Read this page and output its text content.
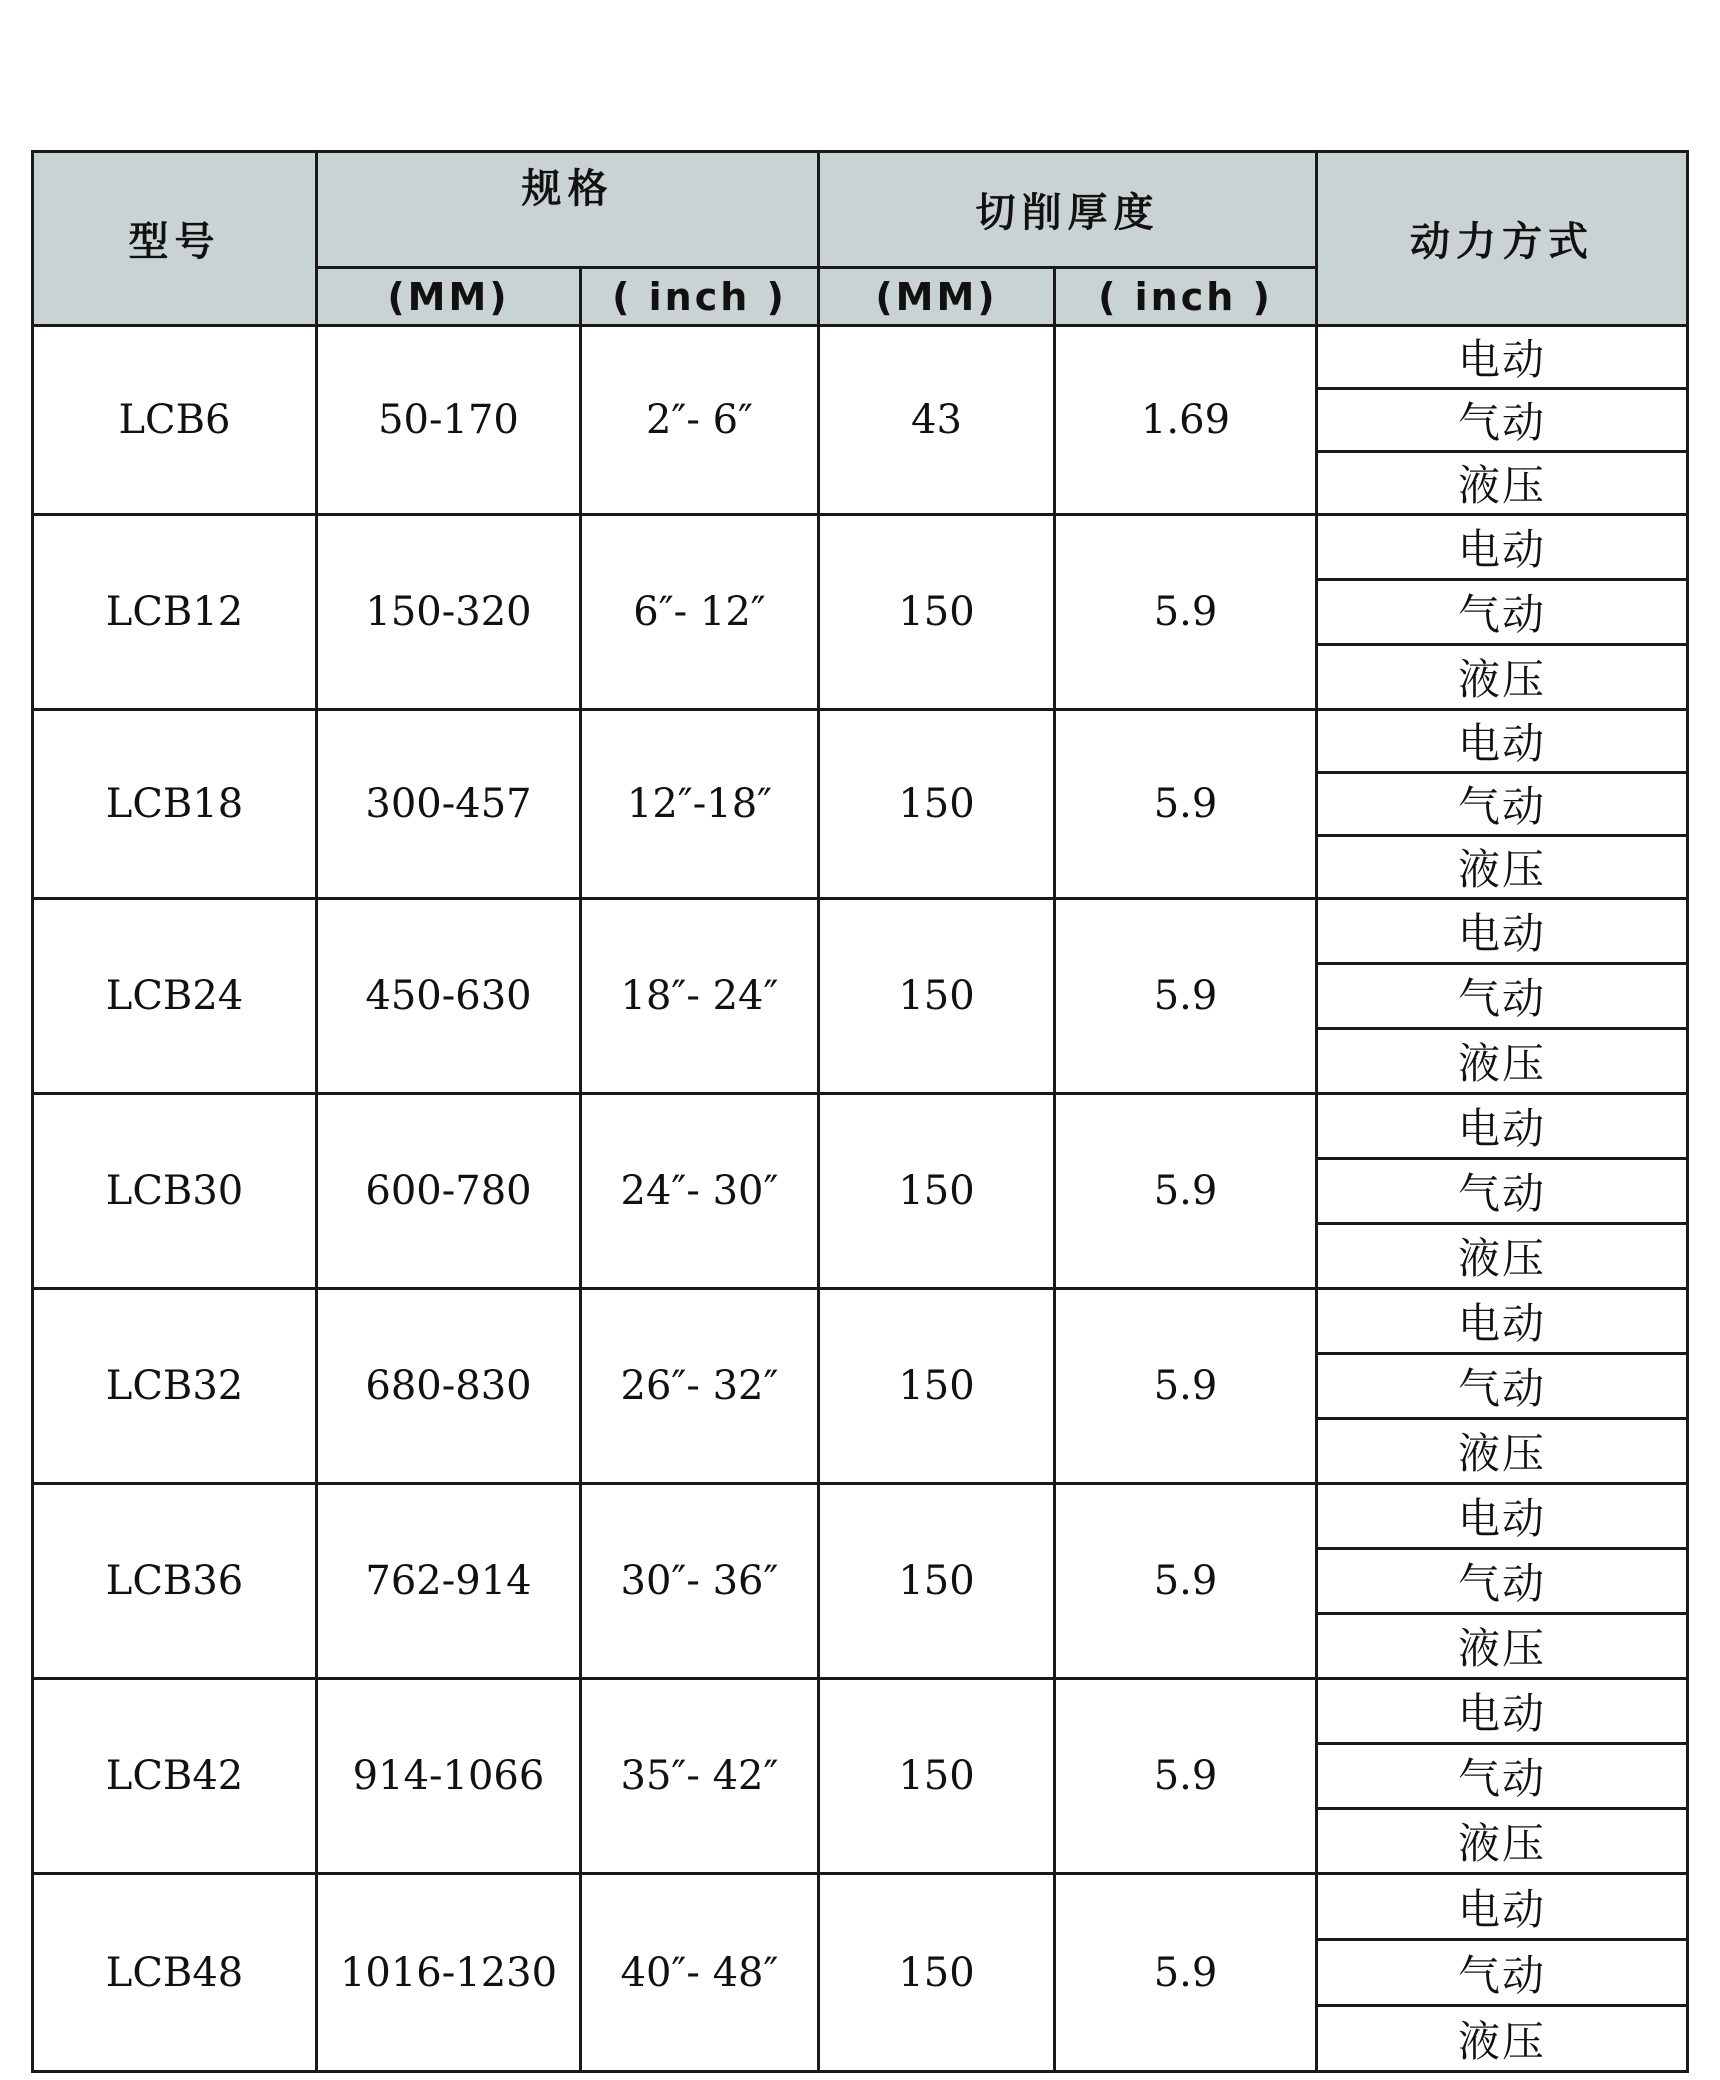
型号	规格		切削厚度		动力方式
	(MM)	( inch )	(MM)	( inch )	
LCB6	50-170	2″- 6″	43	1.69	电动
					气动
					液压
LCB12	150-320	6″- 12″	150	5.9	电动
					气动
					液压
LCB18	300-457	12″-18″	150	5.9	电动
					气动
					液压
LCB24	450-630	18″- 24″	150	5.9	电动
					气动
					液压
LCB30	600-780	24″- 30″	150	5.9	电动
					气动
					液压
LCB32	680-830	26″- 32″	150	5.9	电动
					气动
					液压
LCB36	762-914	30″- 36″	150	5.9	电动
					气动
					液压
LCB42	914-1066	35″- 42″	150	5.9	电动
					气动
					液压
LCB48	1016-1230	40″- 48″	150	5.9	电动
					气动
					液压
